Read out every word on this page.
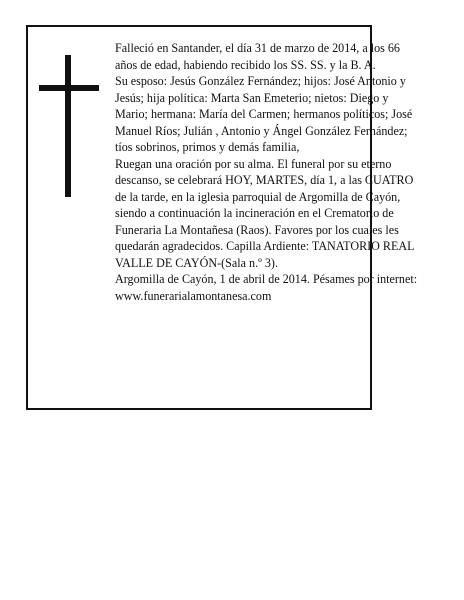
Falleció en Santander, el día 31 de marzo de 2014, a los 66 años de edad, habiendo recibido los SS. SS. y la B. A.

Su esposo: Jesús González Fernández; hijos: José Antonio y Jesús; hija política: Marta San Emeterio; nietos: Diego y Mario; hermana: María del Carmen; hermanos políticos; José Manuel Ríos; Julián , Antonio y Ángel González Fernández; tíos sobrinos, primos y demás familia,

Ruegan una oración por su alma. El funeral por su eterno descanso, se celebrará HOY, MARTES, día 1, a las CUATRO de la tarde, en la iglesia parroquial de Argomilla de Cayón, siendo a continuación la incineración en el Crematorio de Funeraria La Montañesa (Raos). Favores por los cuales les quedarán agradecidos. Capilla Ardiente: TANATORIO REAL VALLE DE CAYÓN-(Sala n.º 3).

Argomilla de Cayón, 1 de abril de 2014. Pésames por internet: www.funerarialamontanesa.com
